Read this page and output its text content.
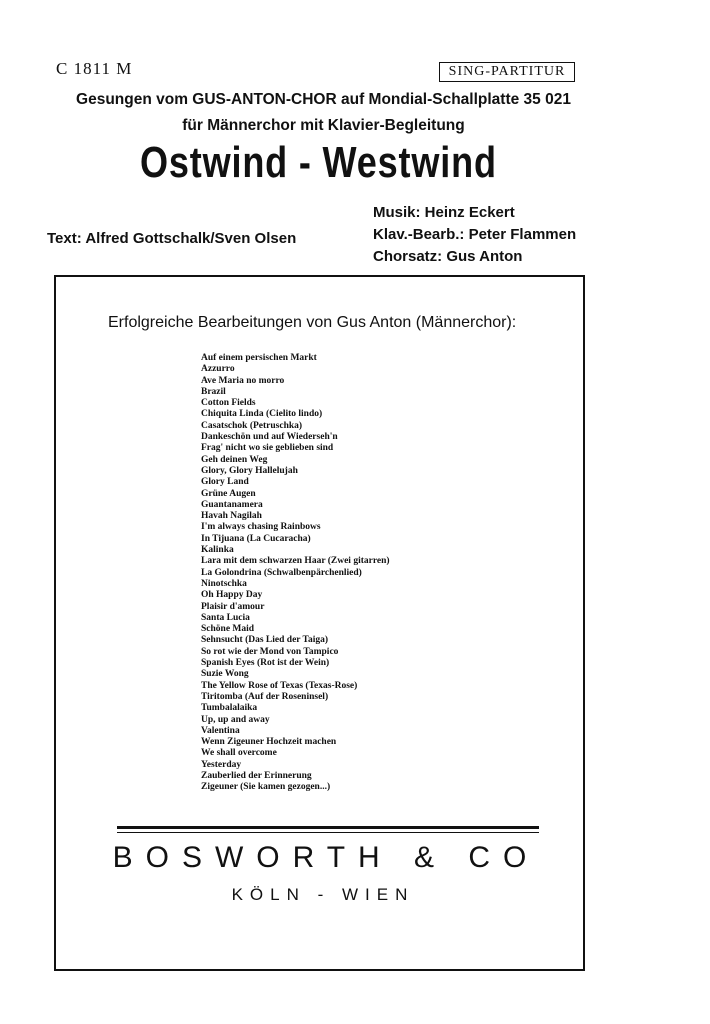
C 1811 M	SING-PARTITUR
Gesungen vom GUS-ANTON-CHOR auf Mondial-Schallplatte 35 021
für Männerchor mit Klavier-Begleitung
Ostwind - Westwind
Text: Alfred Gottschalk/Sven Olsen
Musik: Heinz Eckert
Klav.-Bearb.: Peter Flammen
Chorsatz: Gus Anton
Erfolgreiche Bearbeitungen von Gus Anton (Männerchor):
Auf einem persischen Markt
Azzurro
Ave Maria no morro
Brazil
Cotton Fields
Chiquita Linda (Cielito lindo)
Casatschok (Petruschka)
Dankeschön und auf Wiederseh'n
Frag' nicht wo sie geblieben sind
Geh deinen Weg
Glory, Glory Hallelujah
Glory Land
Grüne Augen
Guantanamera
Havah Nagilah
I'm always chasing Rainbows
In Tijuana (La Cucaracha)
Kalinka
Lara mit dem schwarzen Haar (Zwei gitarren)
La Golondrina (Schwalbenpärchenlied)
Ninotschka
Oh Happy Day
Plaisir d'amour
Santa Lucia
Schöne Maid
Sehnsucht (Das Lied der Taiga)
So rot wie der Mond von Tampico
Spanish Eyes (Rot ist der Wein)
Suzie Wong
The Yellow Rose of Texas (Texas-Rose)
Tiritomba (Auf der Roseninsel)
Tumbalalaika
Up, up and away
Valentina
Wenn Zigeuner Hochzeit machen
We shall overcome
Yesterday
Zauberlied der Erinnerung
Zigeuner (Sie kamen gezogen...)
BOSWORTH & CO
KÖLN - WIEN
